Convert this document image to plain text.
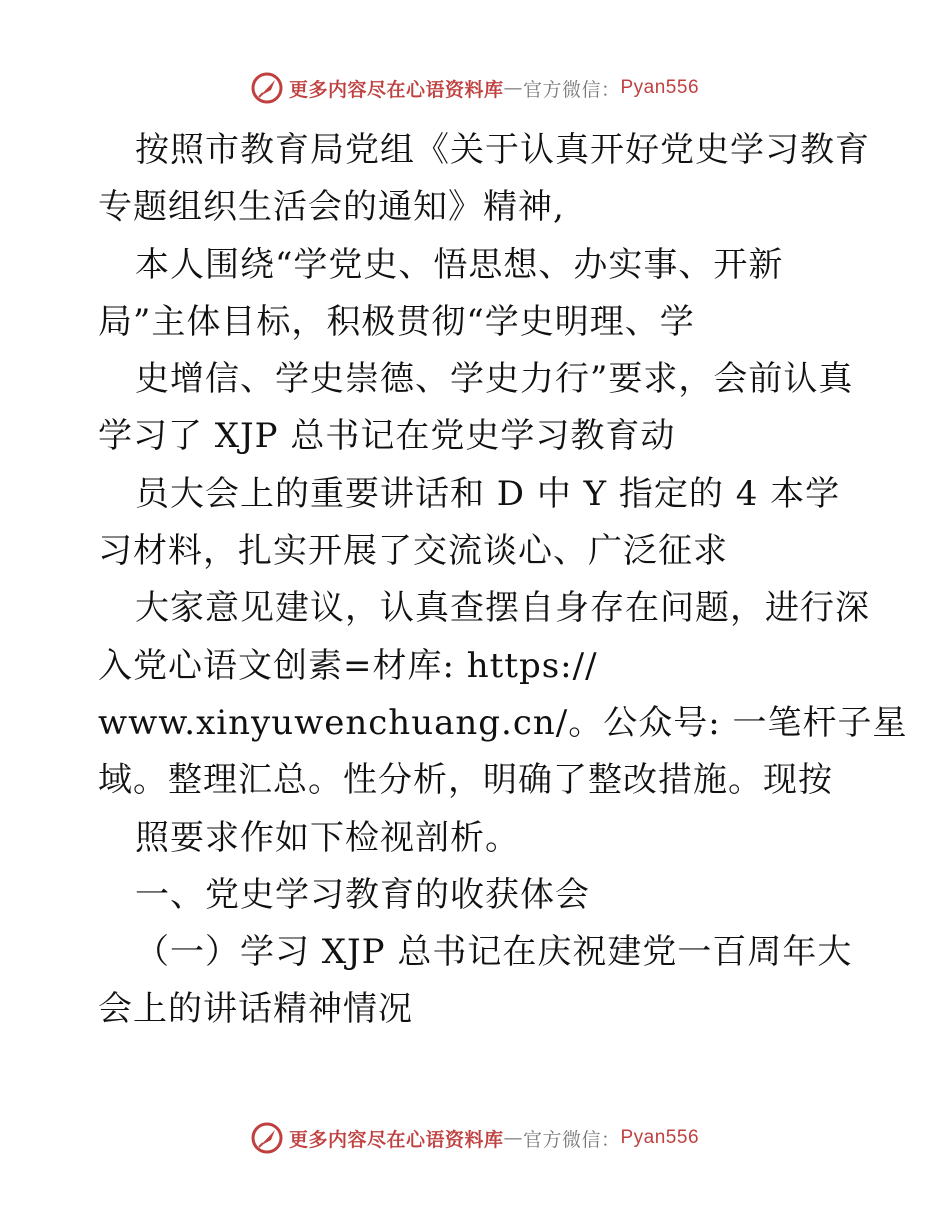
更多内容尽在心语资料库 — 官方微信： Pyan556
按照市教育局党组《关于认真开好党史学习教育
专题组织生活会的通知》精神,
本人围绕“学党史、悟思想、办实事、开新
局”主体目标，积极贯彻“学史明理、学
史增信、学史崇德、学史力行”要求，会前认真
学习了 XJP 总书记在党史学习教育动
员大会上的重要讲话和 D 中 Y 指定的 4 本学
习材料，扎实开展了交流谈心、广泛征求
大家意见建议，认真查摆自身存在问题，进行深
入党心语文创素=材库: https://
www.xinyuwenchuang.cn/。公众号: 一笔杆子星
域。整理汇总。性分析，明确了整改措施。现按
照要求作如下检视剖析。
一、党史学习教育的收获体会
（一）学习 XJP 总书记在庆祝建党一百周年大
会上的讲话精神情况
更多内容尽在心语资料库 — 官方微信： Pyan556
